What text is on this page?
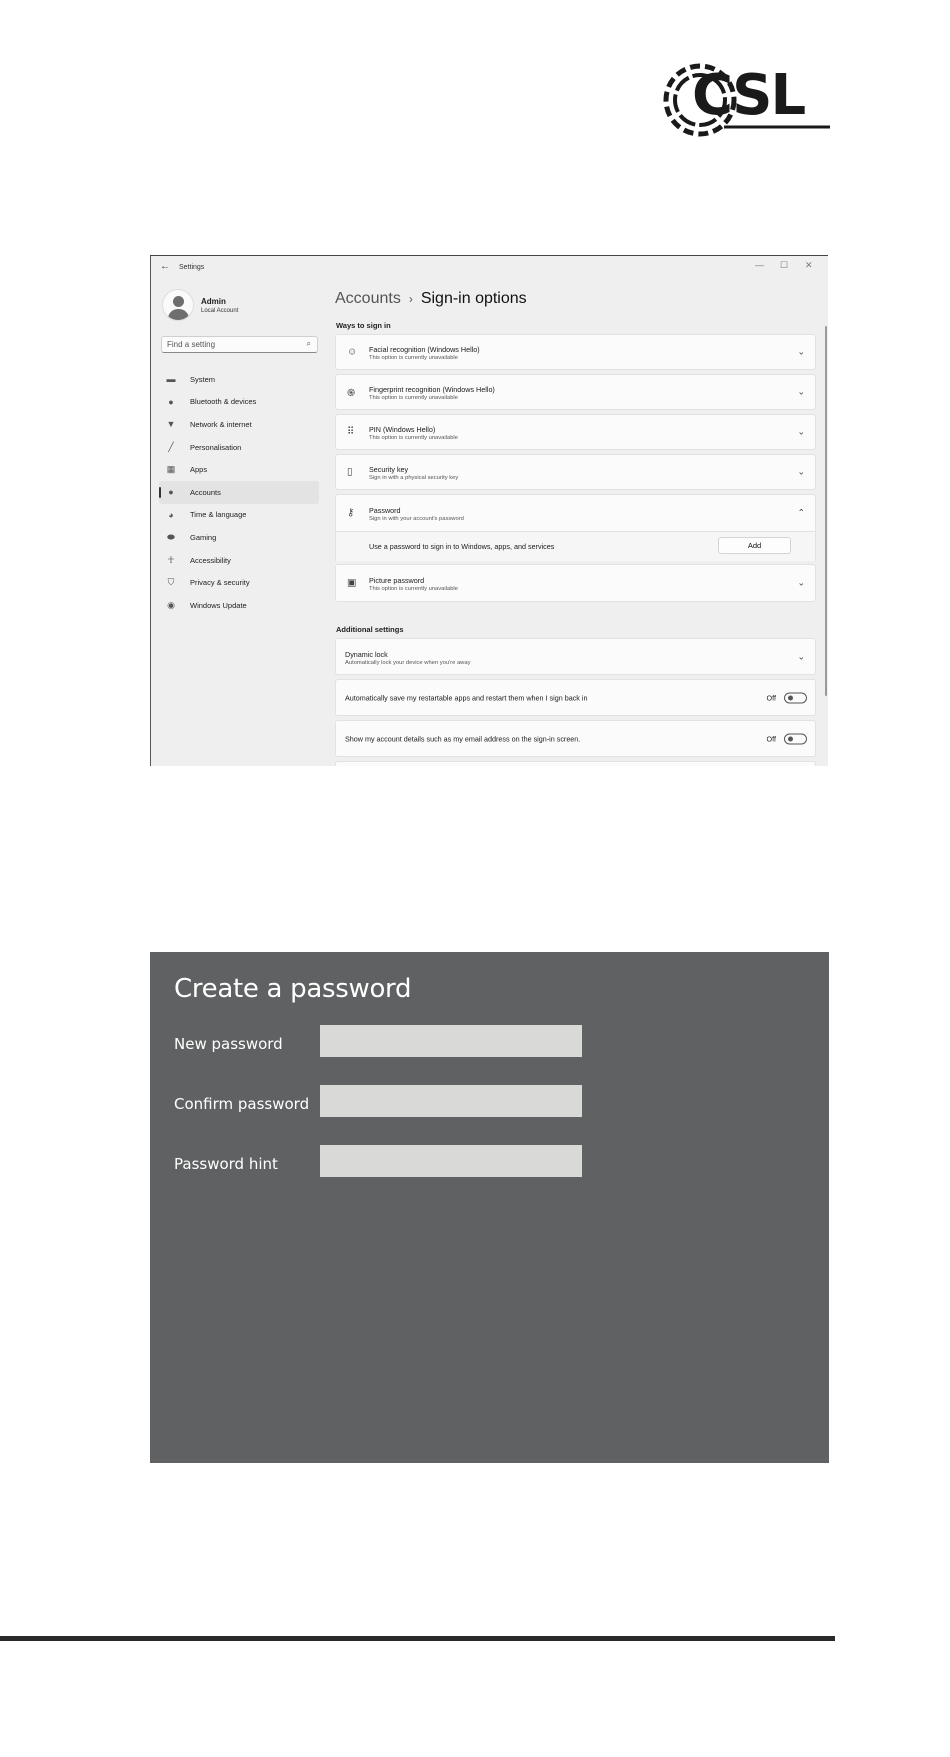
CSL
← Settings	— ☐ ✕
Admin
Local Account
Find a setting
⌕
▬ System
●	Bluetooth & devices
▼ Network & internet
╱	Personalisation
▦ Apps
●	Accounts
◕	Time & language
⬬ Gaming
☥	Accessibility
⛉	Privacy & security
◉ Windows Update
Accounts › Sign-in options
Ways to sign in
☺ Facial recognition (Windows Hello)
This option is currently unavailable
⌄
֍ Fingerprint recognition (Windows Hello)
This option is currently unavailable
⌄
⠿ PIN (Windows Hello)
This option is currently unavailable
⌄
▯ Security key
Sign in with a physical security key
⌄
⚷ Password
Sign in with your account's password
⌃
Use a password to sign in to Windows, apps, and services	Add
▣ Picture password
This option is currently unavailable
⌄
Additional settings
Dynamic lock
Automatically lock your device when you're away
⌄
Automatically save my restartable apps and restart them when I sign back in	Off
Show my account details such as my email address on the sign-in screen.	Off
Create a password
New password
Confirm password
Password hint
